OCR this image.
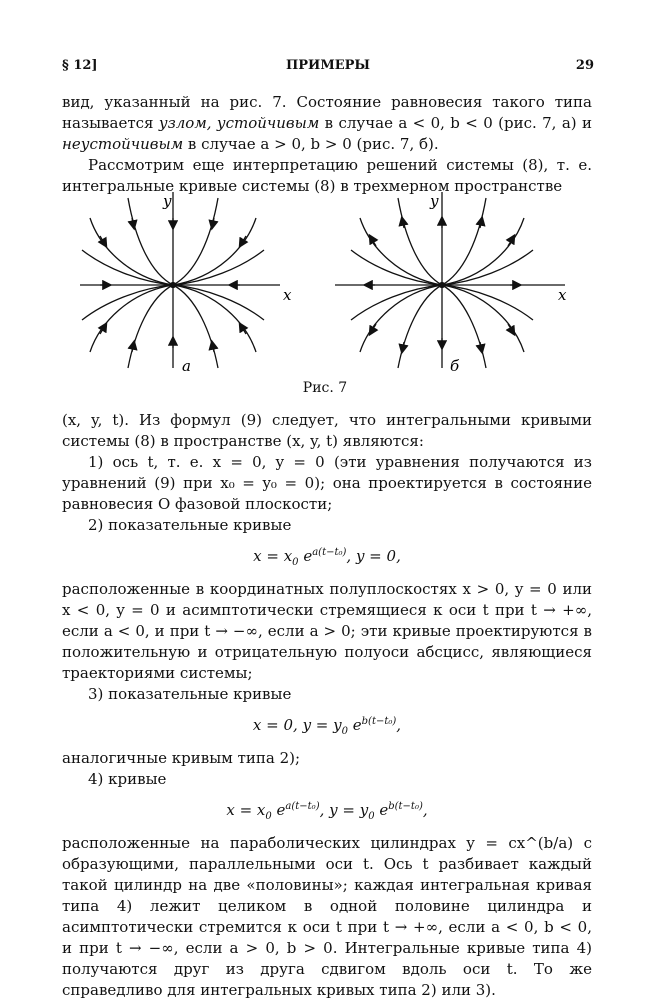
§ 12]	ПРИМЕРЫ	29

вид, указанный на рис. 7. Состояние равновесия такого типа называется узлом, устойчивым в случае a < 0, b < 0 (рис. 7, a) и неустойчивым в случае a > 0, b > 0 (рис. 7, б).

Рассмотрим еще интерпретацию решений системы (8), т. е. интегральные кривые системы (8) в трехмерном пространстве

y
x
a
y
x
б
Рис. 7

(x, y, t). Из формул (9) следует, что интегральными кривыми системы (8) в пространстве (x, y, t) являются:

1) ось t, т. е. x = 0, y = 0 (эти уравнения получаются из уравнений (9) при x₀ = y₀ = 0); она проектируется в состояние равновесия O фазовой плоскости;

2) показательные кривые

$x = x_0$ $e^{a(t-t_0)}$, y = 0,

расположенные в координатных полуплоскостях x > 0, y = 0 или x < 0, y = 0 и асимптотически стремящиеся к оси t при t → +∞, если a < 0, и при t → −∞, если a > 0; эти кривые проектируются в положительную и отрицательную полуоси абсцисс, являющиеся траекториями системы;

3) показательные кривые

x = 0, $y = y_0$ $e^{b(t-t_0)}$,

аналогичные кривым типа 2);

4) кривые

$x = x_0$ $e^{a(t-t_0)}$, $y = y_0$ $e^{b(t-t_0)}$,

расположенные на параболических цилиндрах y = cx^(b/a) с образующими, параллельными оси t. Ось t разбивает каждый такой цилиндр на две «половины»; каждая интегральная кривая типа 4) лежит целиком в одной половине цилиндра и асимптотически стремится к оси t при t → +∞, если a < 0, b < 0, и при t → −∞, если a > 0, b > 0. Интегральные кривые типа 4) получаются друг из друга сдвигом вдоль оси t. То же справедливо для интегральных кривых типа 2) или 3).
